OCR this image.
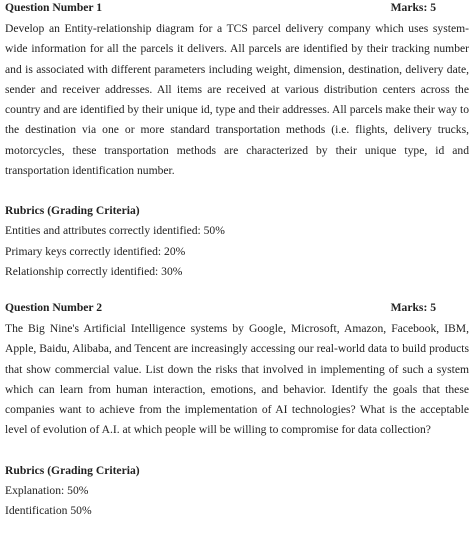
Question Number 1	Marks: 5

Develop an Entity-relationship diagram for a TCS parcel delivery company which uses system-wide information for all the parcels it delivers. All parcels are identified by their tracking number and is associated with different parameters including weight, dimension, destination, delivery date, sender and receiver addresses. All items are received at various distribution centers across the country and are identified by their unique id, type and their addresses. All parcels make their way to the destination via one or more standard transportation methods (i.e. flights, delivery trucks, motorcycles, these transportation methods are characterized by their unique type, id and transportation identification number.

Rubrics (Grading Criteria)
Entities and attributes correctly identified: 50%
Primary keys correctly identified: 20%
Relationship correctly identified: 30%
Question Number 2	Marks: 5

The Big Nine's Artificial Intelligence systems by Google, Microsoft, Amazon, Facebook, IBM, Apple, Baidu, Alibaba, and Tencent are increasingly accessing our real-world data to build products that show commercial value. List down the risks that involved in implementing of such a system which can learn from human interaction, emotions, and behavior. Identify the goals that these companies want to achieve from the implementation of AI technologies? What is the acceptable level of evolution of A.I. at which people will be willing to compromise for data collection?

Rubrics (Grading Criteria)
Explanation: 50%
Identification 50%
